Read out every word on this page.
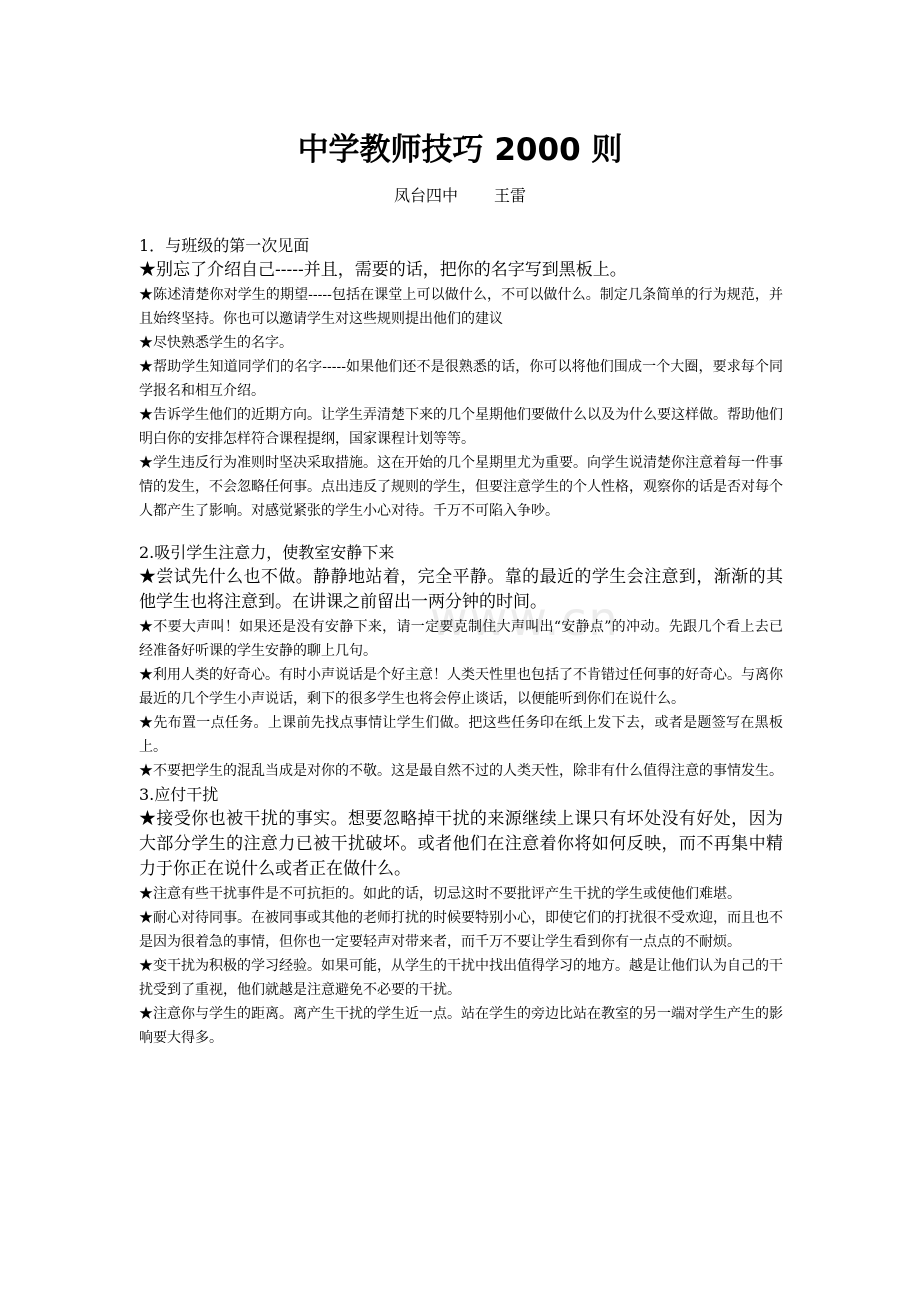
www.cn
中学教师技巧 2000 则
凤台四中 王雷
1．与班级的第一次见面

★别忘了介绍自己-----并且，需要的话，把你的名字写到黑板上。

★陈述清楚你对学生的期望-----包括在课堂上可以做什么，不可以做什么。制定几条简单的行为规范，并且始终坚持。你也可以邀请学生对这些规则提出他们的建议

★尽快熟悉学生的名字。

★帮助学生知道同学们的名字-----如果他们还不是很熟悉的话，你可以将他们围成一个大圈，要求每个同学报名和相互介绍。

★告诉学生他们的近期方向。让学生弄清楚下来的几个星期他们要做什么以及为什么要这样做。帮助他们明白你的安排怎样符合课程提纲，国家课程计划等等。

★学生违反行为准则时坚决采取措施。这在开始的几个星期里尤为重要。向学生说清楚你注意着每一件事情的发生，不会忽略任何事。点出违反了规则的学生，但要注意学生的个人性格，观察你的话是否对每个人都产生了影响。对感觉紧张的学生小心对待。千万不可陷入争吵。

2.吸引学生注意力，使教室安静下来

★尝试先什么也不做。静静地站着，完全平静。靠的最近的学生会注意到，渐渐的其他学生也将注意到。在讲课之前留出一两分钟的时间。

★不要大声叫！如果还是没有安静下来，请一定要克制住大声叫出“安静点”的冲动。先跟几个看上去已经准备好听课的学生安静的聊上几句。

★利用人类的好奇心。有时小声说话是个好主意！人类天性里也包括了不肯错过任何事的好奇心。与离你最近的几个学生小声说话，剩下的很多学生也将会停止谈话，以便能听到你们在说什么。

★先布置一点任务。上课前先找点事情让学生们做。把这些任务印在纸上发下去，或者是题签写在黑板上。

★不要把学生的混乱当成是对你的不敬。这是最自然不过的人类天性，除非有什么值得注意的事情发生。

3.应付干扰

★接受你也被干扰的事实。想要忽略掉干扰的来源继续上课只有坏处没有好处，因为大部分学生的注意力已被干扰破坏。或者他们在注意着你将如何反映，而不再集中精力于你正在说什么或者正在做什么。

★注意有些干扰事件是不可抗拒的。如此的话，切忌这时不要批评产生干扰的学生或使他们难堪。

★耐心对待同事。在被同事或其他的老师打扰的时候要特别小心，即使它们的打扰很不受欢迎，而且也不是因为很着急的事情，但你也一定要轻声对带来者，而千万不要让学生看到你有一点点的不耐烦。

★变干扰为积极的学习经验。如果可能，从学生的干扰中找出值得学习的地方。越是让他们认为自己的干扰受到了重视，他们就越是注意避免不必要的干扰。

★注意你与学生的距离。离产生干扰的学生近一点。站在学生的旁边比站在教室的另一端对学生产生的影响要大得多。
